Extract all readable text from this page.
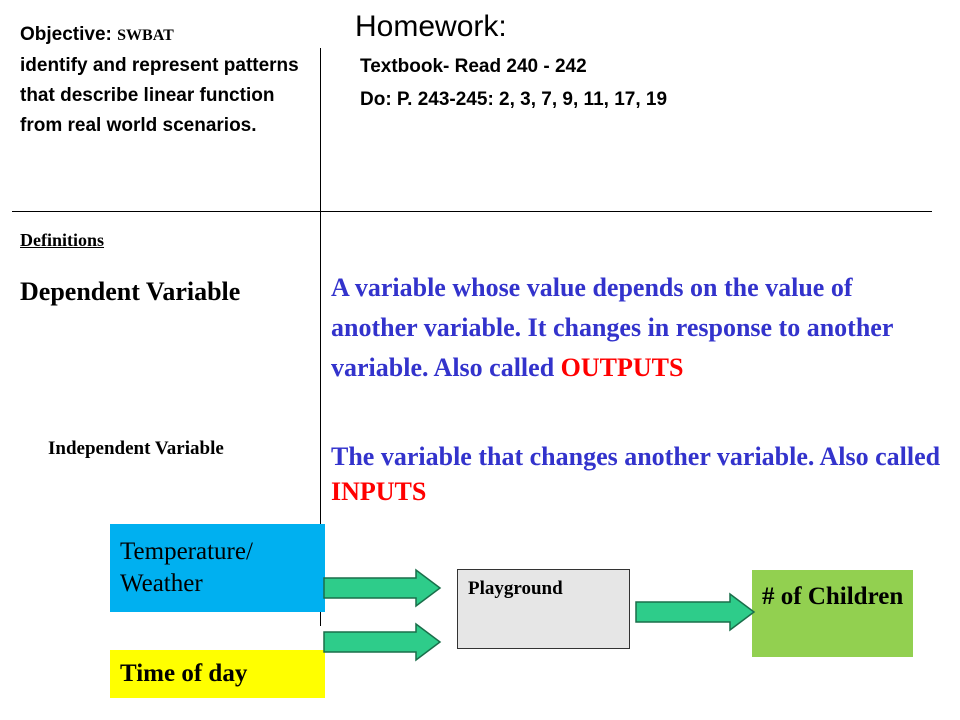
Objective: SWBAT
identify and represent patterns that describe linear function from real world scenarios.
Homework:
Textbook- Read 240 - 242
Do: P. 243-245: 2, 3, 7, 9, 11, 17, 19
Definitions
Dependent Variable	A variable whose value depends on the value of another variable. It changes in response to another variable. Also called OUTPUTS
Independent Variable	The variable that changes another variable. Also called INPUTS
Temperature/ Weather
Time of day
Playground	# of Children
